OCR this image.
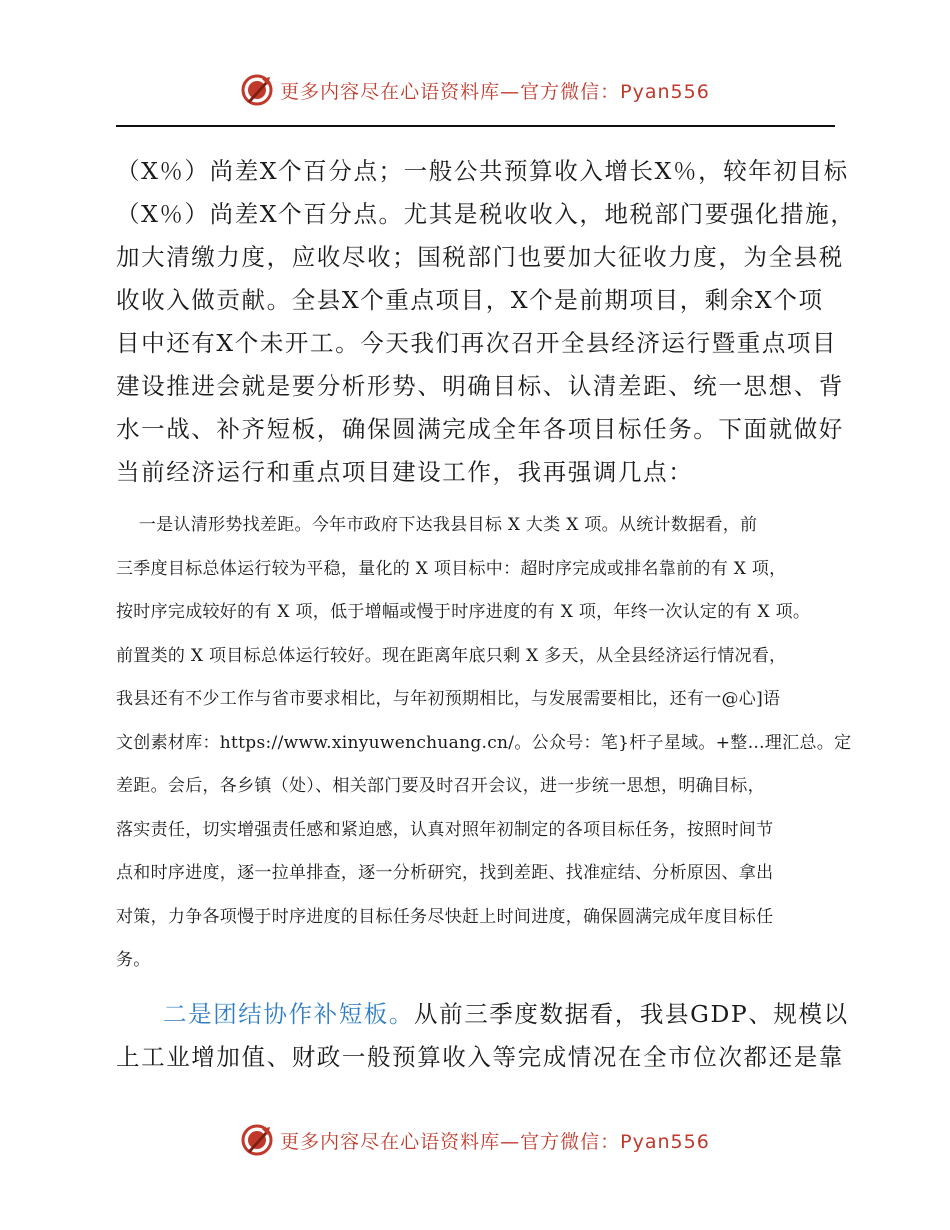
更多内容尽在心语资料库—官方微信：Pyan556
（X％）尚差X个百分点；一般公共预算收入增长X％，较年初目标
（X％）尚差X个百分点。尤其是税收收入，地税部门要强化措施，
加大清缴力度，应收尽收；国税部门也要加大征收力度，为全县税
收收入做贡献。全县X个重点项目，X个是前期项目，剩余X个项
目中还有X个未开工。今天我们再次召开全县经济运行暨重点项目
建设推进会就是要分析形势、明确目标、认清差距、统一思想、背
水一战、补齐短板，确保圆满完成全年各项目标任务。下面就做好
当前经济运行和重点项目建设工作，我再强调几点：
一是认清形势找差距。今年市政府下达我县目标 X 大类 X 项。从统计数据看，前
三季度目标总体运行较为平稳，量化的 X 项目标中：超时序完成或排名靠前的有 X 项，
按时序完成较好的有 X 项，低于增幅或慢于时序进度的有 X 项，年终一次认定的有 X 项。
前置类的 X 项目标总体运行较好。现在距离年底只剩 X 多天，从全县经济运行情况看，
我县还有不少工作与省市要求相比，与年初预期相比，与发展需要相比，还有一@心]语
文创素材库：https://www.xinyuwenchuang.cn/。公众号：笔}杆子星域。+整…理汇总。定
差距。会后，各乡镇（处）、相关部门要及时召开会议，进一步统一思想，明确目标，
落实责任，切实增强责任感和紧迫感，认真对照年初制定的各项目标任务，按照时间节
点和时序进度，逐一拉单排查，逐一分析研究，找到差距、找准症结、分析原因、拿出
对策，力争各项慢于时序进度的目标任务尽快赶上时间进度，确保圆满完成年度目标任
务。
二是团结协作补短板。从前三季度数据看，我县GDP、规模以
上工业增加值、财政一般预算收入等完成情况在全市位次都还是靠
更多内容尽在心语资料库—官方微信：Pyan556
